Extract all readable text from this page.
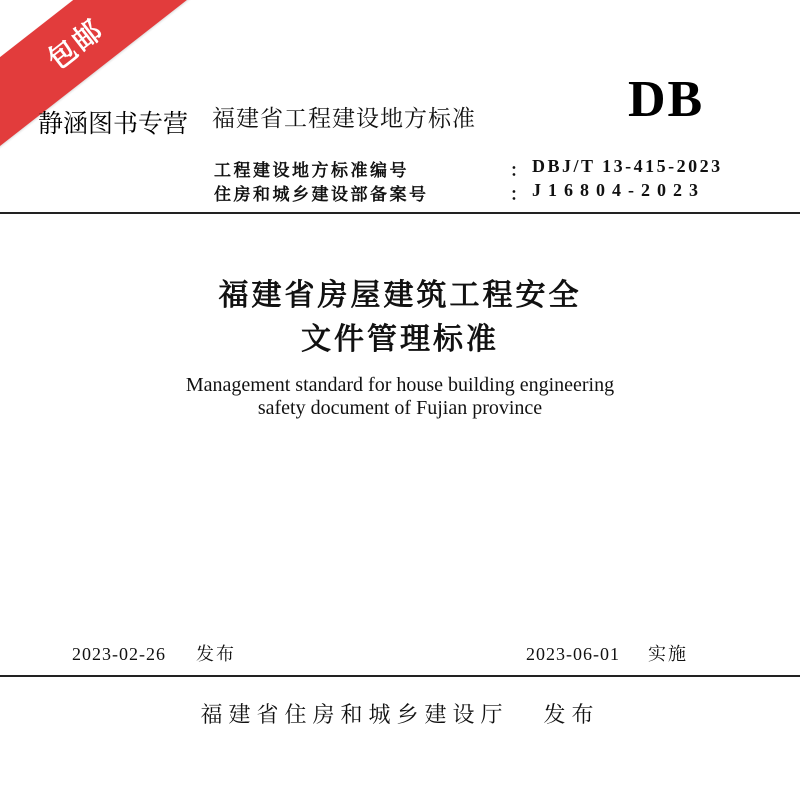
包邮
静涵图书专营 福建省工程建设地方标准	DB
工程建设地方标准编号	： DBJ/T 13-415-2023
住房和城乡建设部备案号	： J16804-2023
福建省房屋建筑工程安全
文件管理标准
Management standard for house building engineering
safety document of Fujian province
2023-02-26 发布	2023-06-01 实施
福建省住房和城乡建设厅 发布
